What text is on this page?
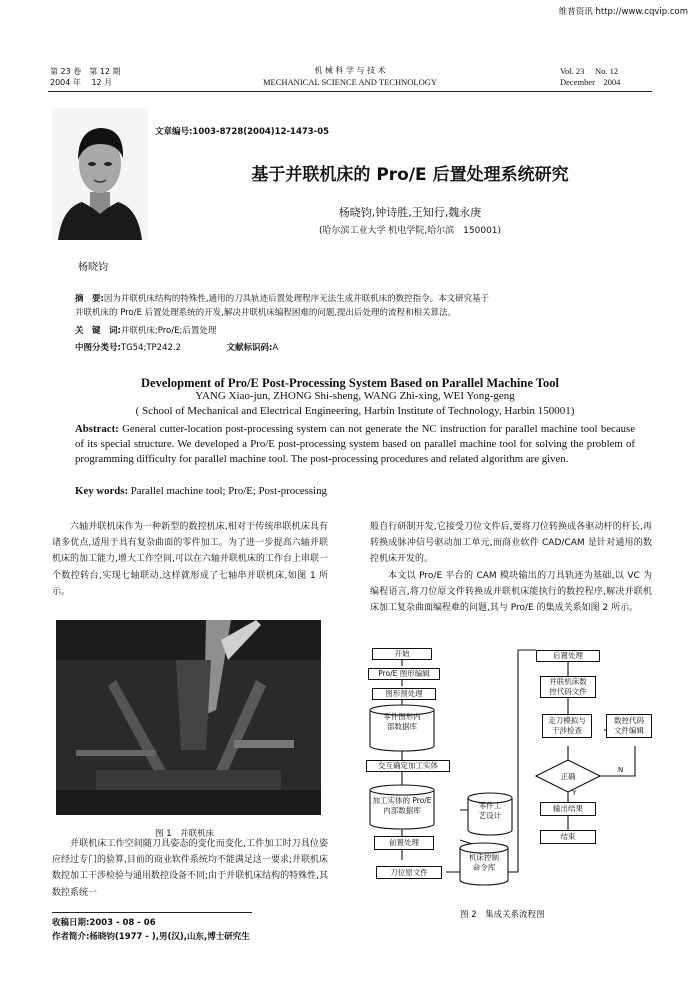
维普资讯 http://www.cqvip.com
第 23 卷　第 12 期
2004 年　 12 月
机 械 科 学 与 技 术
MECHANICAL SCIENCE AND TECHNOLOGY
Vol. 23　 No. 12
December　2004
杨晓钧
文章编号:1003-8728(2004)12-1473-05
基于并联机床的 Pro/E 后置处理系统研究
杨晓钧,钟诗胜,王知行,魏永庚
(哈尔滨工业大学 机电学院,哈尔滨　150001)
摘　要:因为并联机床结构的特殊性,通用的刀具轨迹后置处理程序无法生成并联机床的数控指令。本文研究基于
并联机床的 Pro/E 后置处理系统的开发,解决并联机床编程困难的问题,提出后处理的流程和相关算法。
关　键　词:并联机床;Pro/E;后置处理
中图分类号:TG54;TP242.2	文献标识码:A
Development of Pro/E Post-Processing System Based on Parallel Machine Tool
YANG Xiao-jun, ZHONG Shi-sheng, WANG Zhi-xing, WEI Yong-geng
( School of Mechanical and Electrical Engineering, Harbin Institute of Technology, Harbin 150001)
Abstract: General cutter-location post-processing system can not generate the NC instruction for parallel machine tool because of its special structure. We developed a Pro/E post-processing system based on parallel machine tool for solving the problem of programming difficulty for parallel machine tool. The post-processing procedures and related algorithm are given.
Key words: Parallel machine tool; Pro/E; Post-processing

六轴并联机床作为一种新型的数控机床,相对于传统串联机床具有诸多优点,适用于具有复杂曲面的零件加工。为了进一步提高六轴并联机床的加工能力,增大工作空间,可以在六轴并联机床的工作台上串联一个数控转台,实现七轴联动,这样就形成了七轴串并联机床,如图 1 所示。

图 1　并联机床

并联机床工作空间随刀具姿态的变化而变化,工件加工时刀具位姿应经过专门的验算,目前的商业软件系统均不能满足这一要求;并联机床数控加工干涉检验与通用数控设备不同;由于并联机床结构的特殊性,其数控系统一

般自行研制开发,它接受刀位文件后,要将刀位转换成各驱动杆的杆长,再转换成脉冲信号驱动加工单元,而商业软件 CAD/CAM 是针对通用的数控机床开发的。

本文以 Pro/E 平台的 CAM 模块输出的刀具轨迹为基础,以 VC 为编程语言,将刀位原文件转换成并联机床能执行的数控程序,解决并联机床加工复杂曲面编程难的问题,其与 Pro/E 的集成关系如图 2 所示。

开始
Pro/E 图形编辑
图形预处理
零件图形内
部数据库
交互确定加工实体
加工实体的 Pro/E
内部数据库
零件工
艺设计
前置处理
机床控制
命令库
刀位原文件
后置处理
并联机床数
控代码文件
走刀模拟与
干涉检查
数控代码
文件编辑
正确
Y
N
输出结果
结束
图 2　集成关系流程图
收稿日期:2003 - 08 - 06
作者简介:杨晓钧(1977 - ),男(汉),山东,博士研究生
